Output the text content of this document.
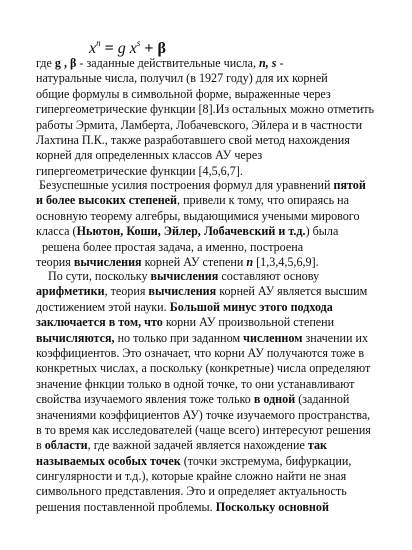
$x^n = g$ $x^s + \beta$
где g , β - заданные действительные числа, n, s -
натуральные числа, получил (в 1927 году) для их корней
общие формулы в символьной форме, выраженные через
гипергеометрические функции [8].Из остальных можно отметить
работы Эрмита, Ламберта, Лобачевского, Эйлера и в частности
Лахтина П.К., также разработавшего свой метод нахождения
корней для определенных классов АУ через
гипергеометрические функции [4,5,6,7].
Безуспешные усилия построения формул для уравнений пятой
и более высоких степеней, привели к тому, что опираясь на
основную теорему алгебры, выдающимися учеными мирового
класса (Ньютон, Коши, Эйлер, Лобачевский и т.д.) была
решена более простая задача, а именно, построена
теория вычисления корней АУ степени n [1,3,4,5,6,9].
По сути, поскольку вычисления составляют основу
арифметики, теория вычисления корней АУ является высшим
достижением этой науки. Большой минус этого подхода
заключается в том, что корни АУ произвольной степени
вычисляются, но только при заданном численном значении их
коэффициентов. Это означает, что корни АУ получаются тоже в
конкретных числах, а поскольку (конкретные) числа определяют
значение фнкции только в одной точке, то они устанавливают
свойства изучаемого явления тоже только в одной (заданной
значениями коэффициентов АУ) точке изучаемого пространства,
в то время как исследователей (чаще всего) интересуют решения
в области, где важной задачей является нахождение так
называемых особых точек (точки экстремума, бифуркации,
сингулярности и т.д.), которые крайне сложно найти не зная
символьного представления. Это и определяет актуальность
решения поставленной проблемы. Поскольку основной
